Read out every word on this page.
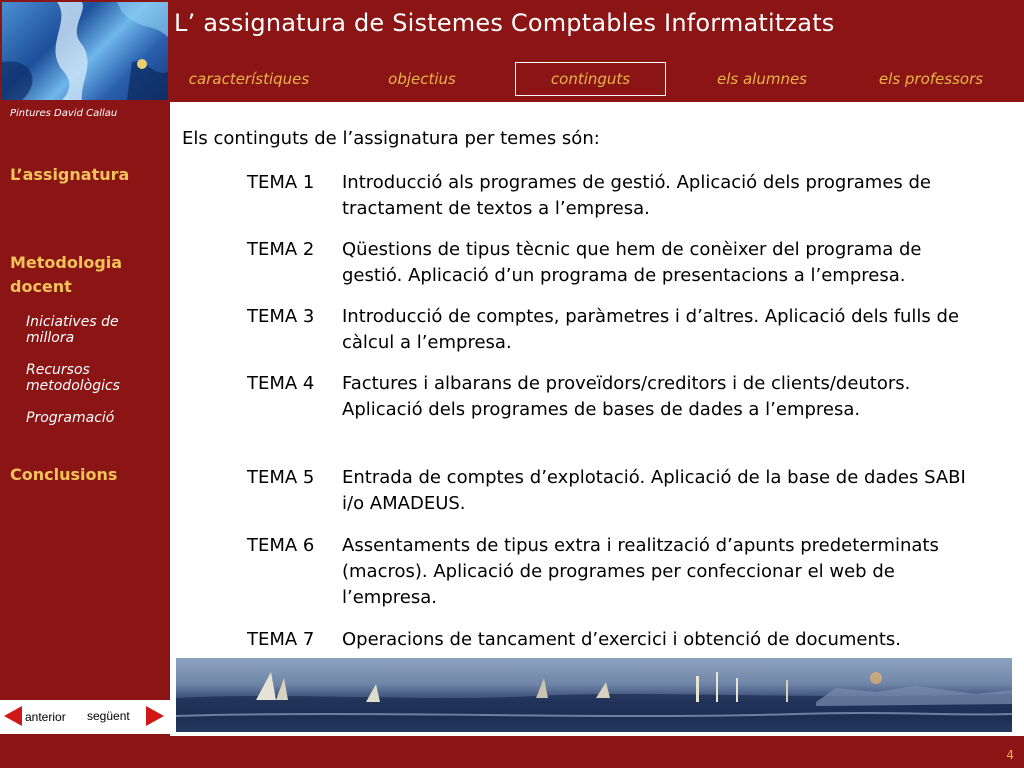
L’ assignatura de Sistemes Comptables Informatitzats
característiques	objectius	continguts	els alumnes	els professors
Pintures David Callau
L’assignatura
Metodologia docent
Iniciatives de millora
Recursos metodològics
Programació
Conclusions
Els continguts de l’assignatura per temes són:
TEMA 1	Introducció als programes de gestió. Aplicació dels programes de tractament de textos a l’empresa.
TEMA 2	Qüestions de tipus tècnic que hem de conèixer del programa de gestió. Aplicació d’un programa de presentacions a l’empresa.
TEMA 3	Introducció de comptes, paràmetres i d’altres. Aplicació dels fulls de càlcul a l’empresa.
TEMA 4	Factures i albarans de proveïdors/creditors i de clients/deutors. Aplicació dels programes de bases de dades a l’empresa.
TEMA 5	Entrada de comptes d’explotació. Aplicació de la base de dades SABI i/o AMADEUS.
TEMA 6	Assentaments de tipus extra i realització d’apunts predeterminats (macros). Aplicació de programes per confeccionar el web de l’empresa.
TEMA 7	Operacions de tancament d’exercici i obtenció de documents.
anterior següent
4
